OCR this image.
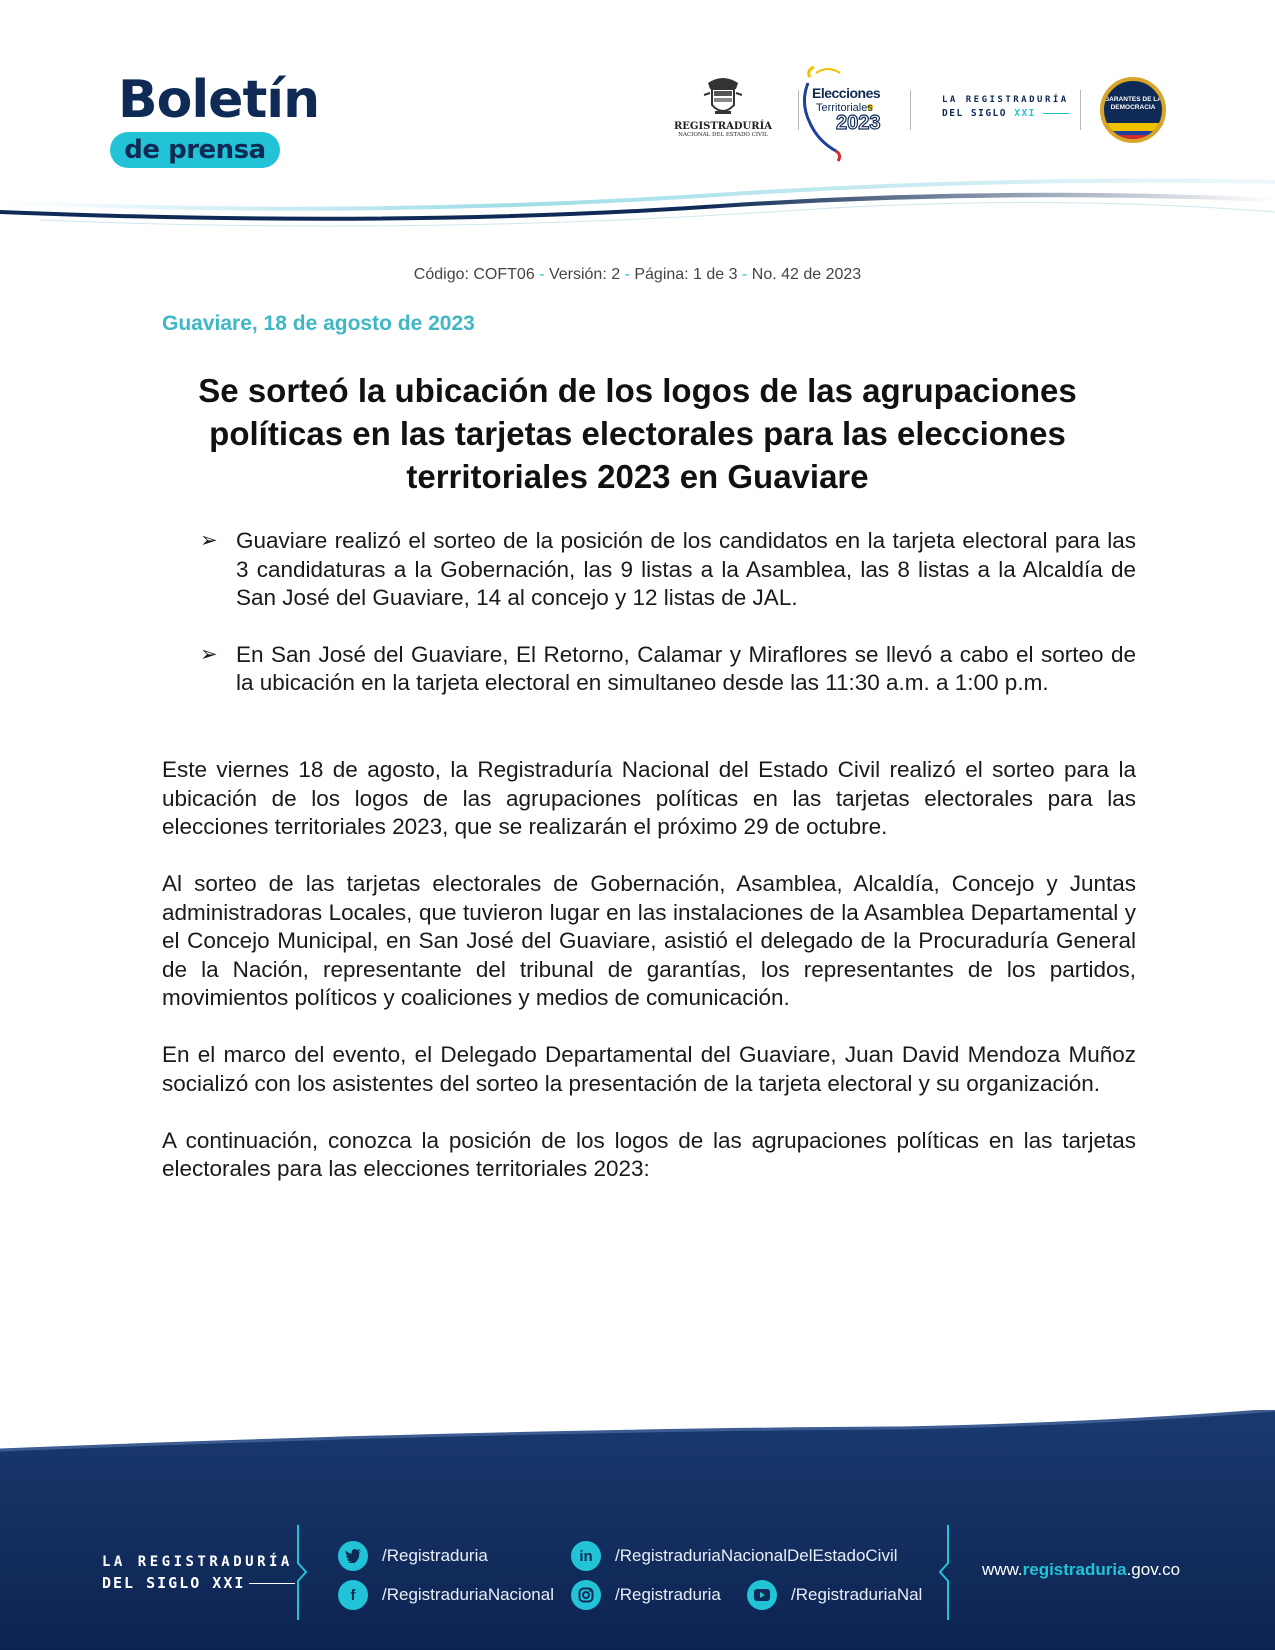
Boletín
de prensa
REGISTRADURÍA
NACIONAL DEL ESTADO CIVIL
Elecciones
Territoriales
2023
LA REGISTRADURÍA
DEL SIGLO XXI
GARANTES DE LA DEMOCRACIA
Código: COFT06 - Versión: 2 - Página: 1 de 3 - No. 42 de 2023
Guaviare, 18 de agosto de 2023
Se sorteó la ubicación de los logos de las agrupaciones políticas en las tarjetas electorales para las elecciones territoriales 2023 en Guaviare
➢ Guaviare realizó el sorteo de la posición de los candidatos en la tarjeta electoral para las 3 candidaturas a la Gobernación, las 9 listas a la Asamblea, las 8 listas a la Alcaldía de San José del Guaviare, 14 al concejo y 12 listas de JAL.
➢ En San José del Guaviare, El Retorno, Calamar y Miraflores se llevó a cabo el sorteo de la ubicación en la tarjeta electoral en simultaneo desde las 11:30 a.m. a 1:00 p.m.

Este viernes 18 de agosto, la Registraduría Nacional del Estado Civil realizó el sorteo para la ubicación de los logos de las agrupaciones políticas en las tarjetas electorales para las elecciones territoriales 2023, que se realizarán el próximo 29 de octubre.

Al sorteo de las tarjetas electorales de Gobernación, Asamblea, Alcaldía, Concejo y Juntas administradoras Locales, que tuvieron lugar en las instalaciones de la Asamblea Departamental y el Concejo Municipal, en San José del Guaviare, asistió el delegado de la Procuraduría General de la Nación, representante del tribunal de garantías, los representantes de los partidos, movimientos políticos y coaliciones y medios de comunicación.

En el marco del evento, el Delegado Departamental del Guaviare, Juan David Mendoza Muñoz socializó con los asistentes del sorteo la presentación de la tarjeta electoral y su organización.

A continuación, conozca la posición de los logos de las agrupaciones políticas en las tarjetas electorales para las elecciones territoriales 2023:

LA REGISTRADURÍA
DEL SIGLO XXI
/Registraduria	in	/RegistraduriaNacionalDelEstadoCivil
f	/RegistraduriaNacional	/Registraduria	/RegistraduriaNal
www.registraduria.gov.co
